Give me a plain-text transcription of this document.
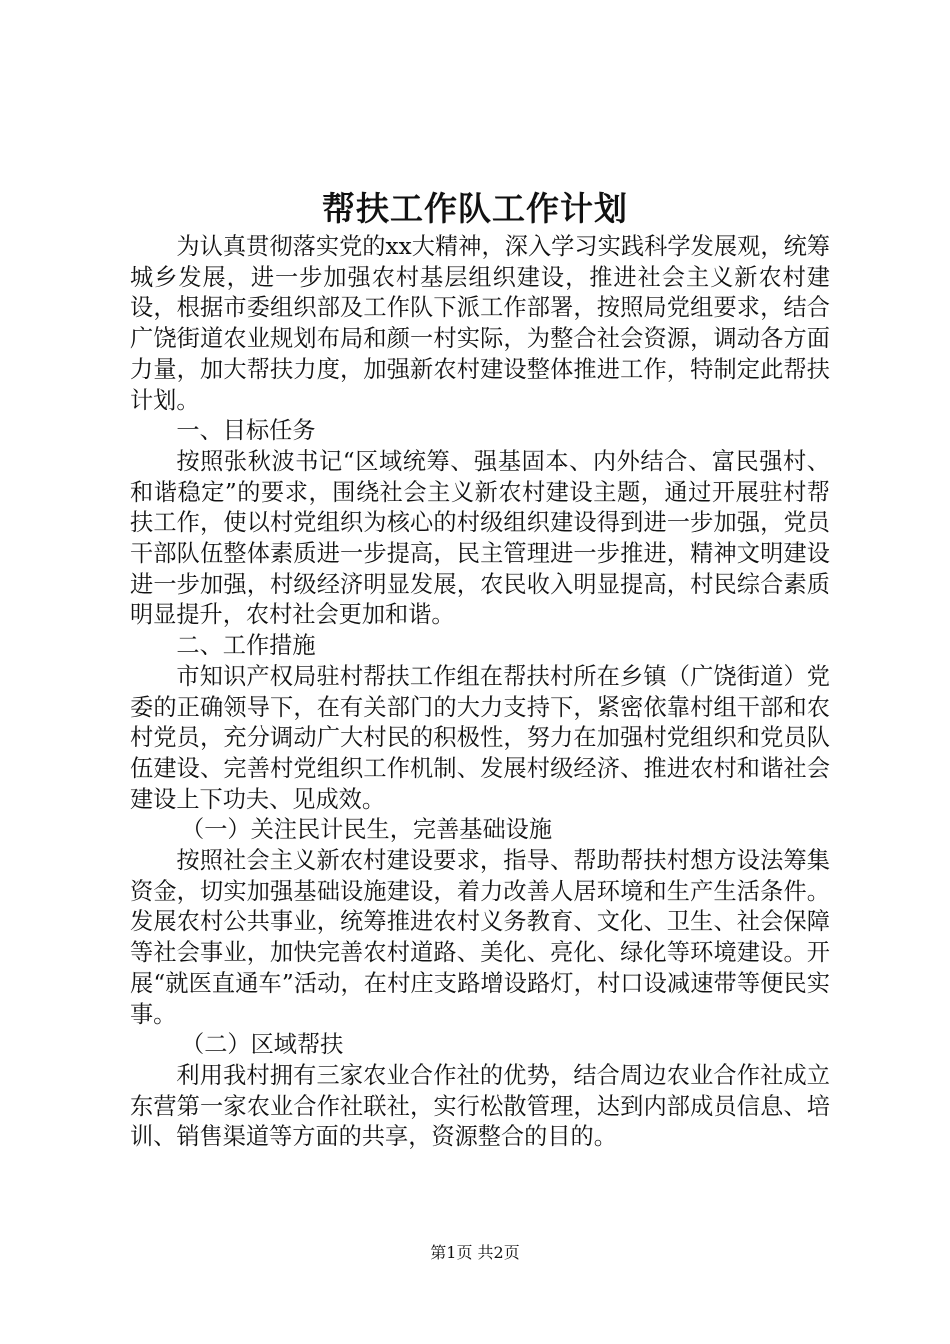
帮扶工作队工作计划

为认真贯彻落实党的xx大精神，深入学习实践科学发展观，统筹城乡发展，进一步加强农村基层组织建设，推进社会主义新农村建设，根据市委组织部及工作队下派工作部署，按照局党组要求，结合广饶街道农业规划布局和颜一村实际，为整合社会资源，调动各方面力量，加大帮扶力度，加强新农村建设整体推进工作，特制定此帮扶计划。

一、目标任务

按照张秋波书记“区域统筹、强基固本、内外结合、富民强村、和谐稳定”的要求，围绕社会主义新农村建设主题，通过开展驻村帮扶工作，使以村党组织为核心的村级组织建设得到进一步加强，党员干部队伍整体素质进一步提高，民主管理进一步推进，精神文明建设进一步加强，村级经济明显发展，农民收入明显提高，村民综合素质明显提升，农村社会更加和谐。

二、工作措施

市知识产权局驻村帮扶工作组在帮扶村所在乡镇（广饶街道）党委的正确领导下，在有关部门的大力支持下，紧密依靠村组干部和农村党员，充分调动广大村民的积极性，努力在加强村党组织和党员队伍建设、完善村党组织工作机制、发展村级经济、推进农村和谐社会建设上下功夫、见成效。

（一）关注民计民生，完善基础设施

按照社会主义新农村建设要求，指导、帮助帮扶村想方设法筹集资金，切实加强基础设施建设，着力改善人居环境和生产生活条件。发展农村公共事业，统筹推进农村义务教育、文化、卫生、社会保障等社会事业，加快完善农村道路、美化、亮化、绿化等环境建设。开展“就医直通车”活动，在村庄支路增设路灯，村口设减速带等便民实事。

（二）区域帮扶

利用我村拥有三家农业合作社的优势，结合周边农业合作社成立东营第一家农业合作社联社，实行松散管理，达到内部成员信息、培训、销售渠道等方面的共享，资源整合的目的。

第1页 共2页
